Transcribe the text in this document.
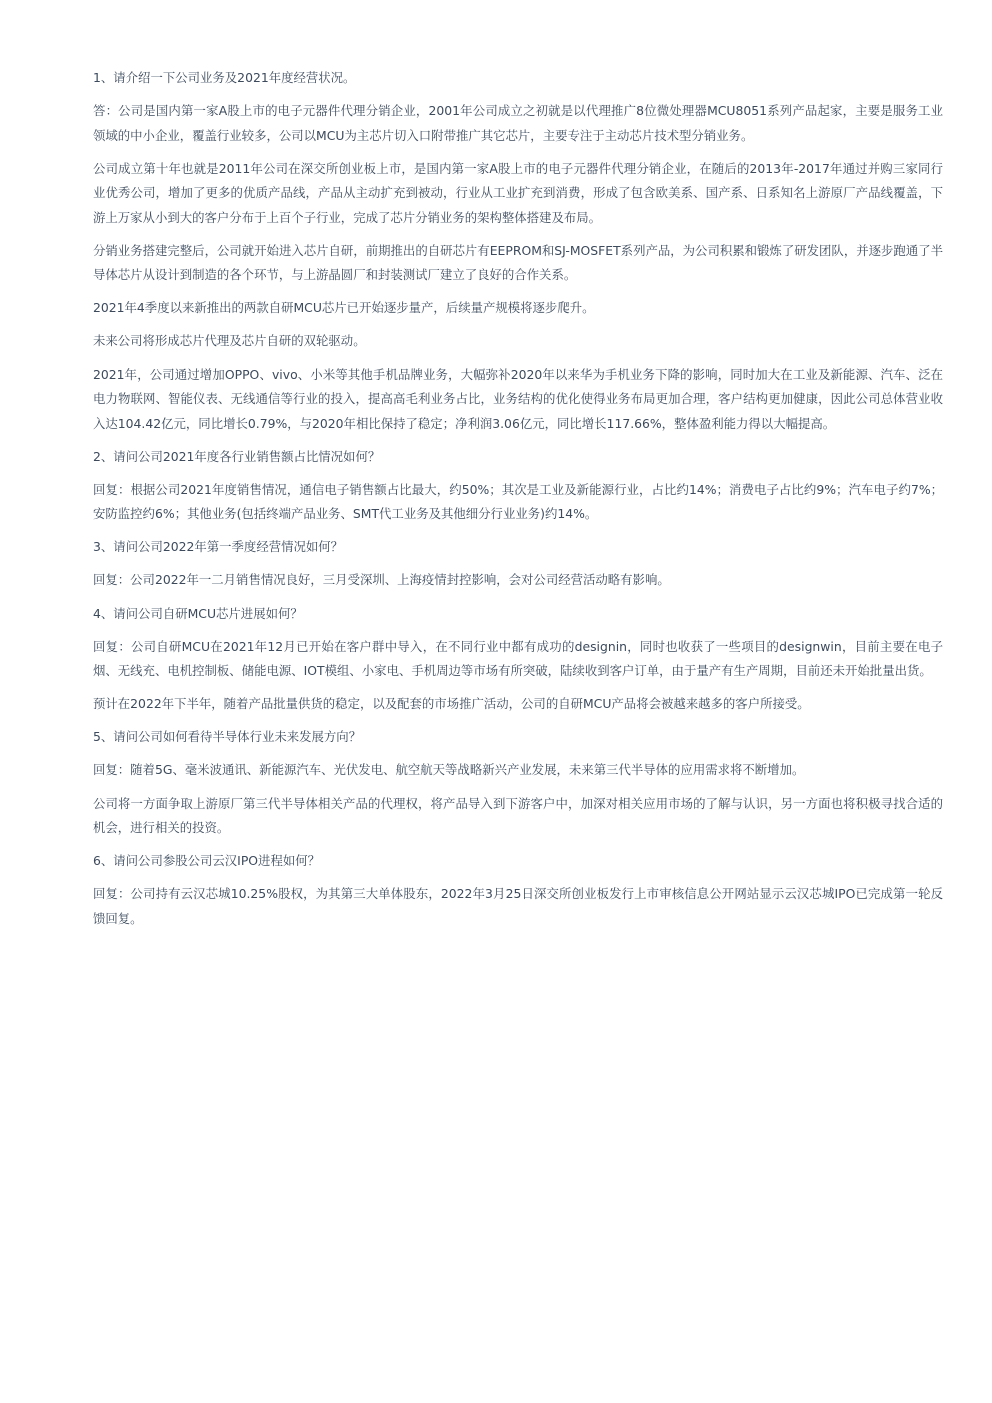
1、请介绍一下公司业务及2021年度经营状况。

答：公司是国内第一家A股上市的电子元器件代理分销企业，2001年公司成立之初就是以代理推广8位微处理器MCU8051系列产品起家，主要是服务工业领域的中小企业，覆盖行业较多，公司以MCU为主芯片切入口附带推广其它芯片，主要专注于主动芯片技术型分销业务。

公司成立第十年也就是2011年公司在深交所创业板上市，是国内第一家A股上市的电子元器件代理分销企业，在随后的2013年-2017年通过并购三家同行业优秀公司，增加了更多的优质产品线，产品从主动扩充到被动，行业从工业扩充到消费，形成了包含欧美系、国产系、日系知名上游原厂产品线覆盖，下游上万家从小到大的客户分布于上百个子行业，完成了芯片分销业务的架构整体搭建及布局。

分销业务搭建完整后，公司就开始进入芯片自研，前期推出的自研芯片有EEPROM和SJ-MOSFET系列产品，为公司积累和锻炼了研发团队，并逐步跑通了半导体芯片从设计到制造的各个环节，与上游晶圆厂和封装测试厂建立了良好的合作关系。

2021年4季度以来新推出的两款自研MCU芯片已开始逐步量产，后续量产规模将逐步爬升。

未来公司将形成芯片代理及芯片自研的双轮驱动。

2021年，公司通过增加OPPO、vivo、小米等其他手机品牌业务，大幅弥补2020年以来华为手机业务下降的影响，同时加大在工业及新能源、汽车、泛在电力物联网、智能仪表、无线通信等行业的投入，提高高毛利业务占比，业务结构的优化使得业务布局更加合理，客户结构更加健康，因此公司总体营业收入达104.42亿元，同比增长0.79%，与2020年相比保持了稳定；净利润3.06亿元，同比增长117.66%，整体盈利能力得以大幅提高。

2、请问公司2021年度各行业销售额占比情况如何？

回复：根据公司2021年度销售情况，通信电子销售额占比最大，约50%；其次是工业及新能源行业，占比约14%；消费电子占比约9%；汽车电子约7%；安防监控约6%；其他业务(包括终端产品业务、SMT代工业务及其他细分行业业务)约14%。

3、请问公司2022年第一季度经营情况如何？

回复：公司2022年一二月销售情况良好，三月受深圳、上海疫情封控影响，会对公司经营活动略有影响。

4、请问公司自研MCU芯片进展如何？

回复：公司自研MCU在2021年12月已开始在客户群中导入，在不同行业中都有成功的designin，同时也收获了一些项目的designwin，目前主要在电子烟、无线充、电机控制板、储能电源、IOT模组、小家电、手机周边等市场有所突破，陆续收到客户订单，由于量产有生产周期，目前还未开始批量出货。

预计在2022年下半年，随着产品批量供货的稳定，以及配套的市场推广活动，公司的自研MCU产品将会被越来越多的客户所接受。

5、请问公司如何看待半导体行业未来发展方向？

回复：随着5G、毫米波通讯、新能源汽车、光伏发电、航空航天等战略新兴产业发展，未来第三代半导体的应用需求将不断增加。

公司将一方面争取上游原厂第三代半导体相关产品的代理权，将产品导入到下游客户中，加深对相关应用市场的了解与认识，另一方面也将积极寻找合适的机会，进行相关的投资。

6、请问公司参股公司云汉IPO进程如何？

回复：公司持有云汉芯城10.25%股权，为其第三大单体股东，2022年3月25日深交所创业板发行上市审核信息公开网站显示云汉芯城IPO已完成第一轮反馈回复。
